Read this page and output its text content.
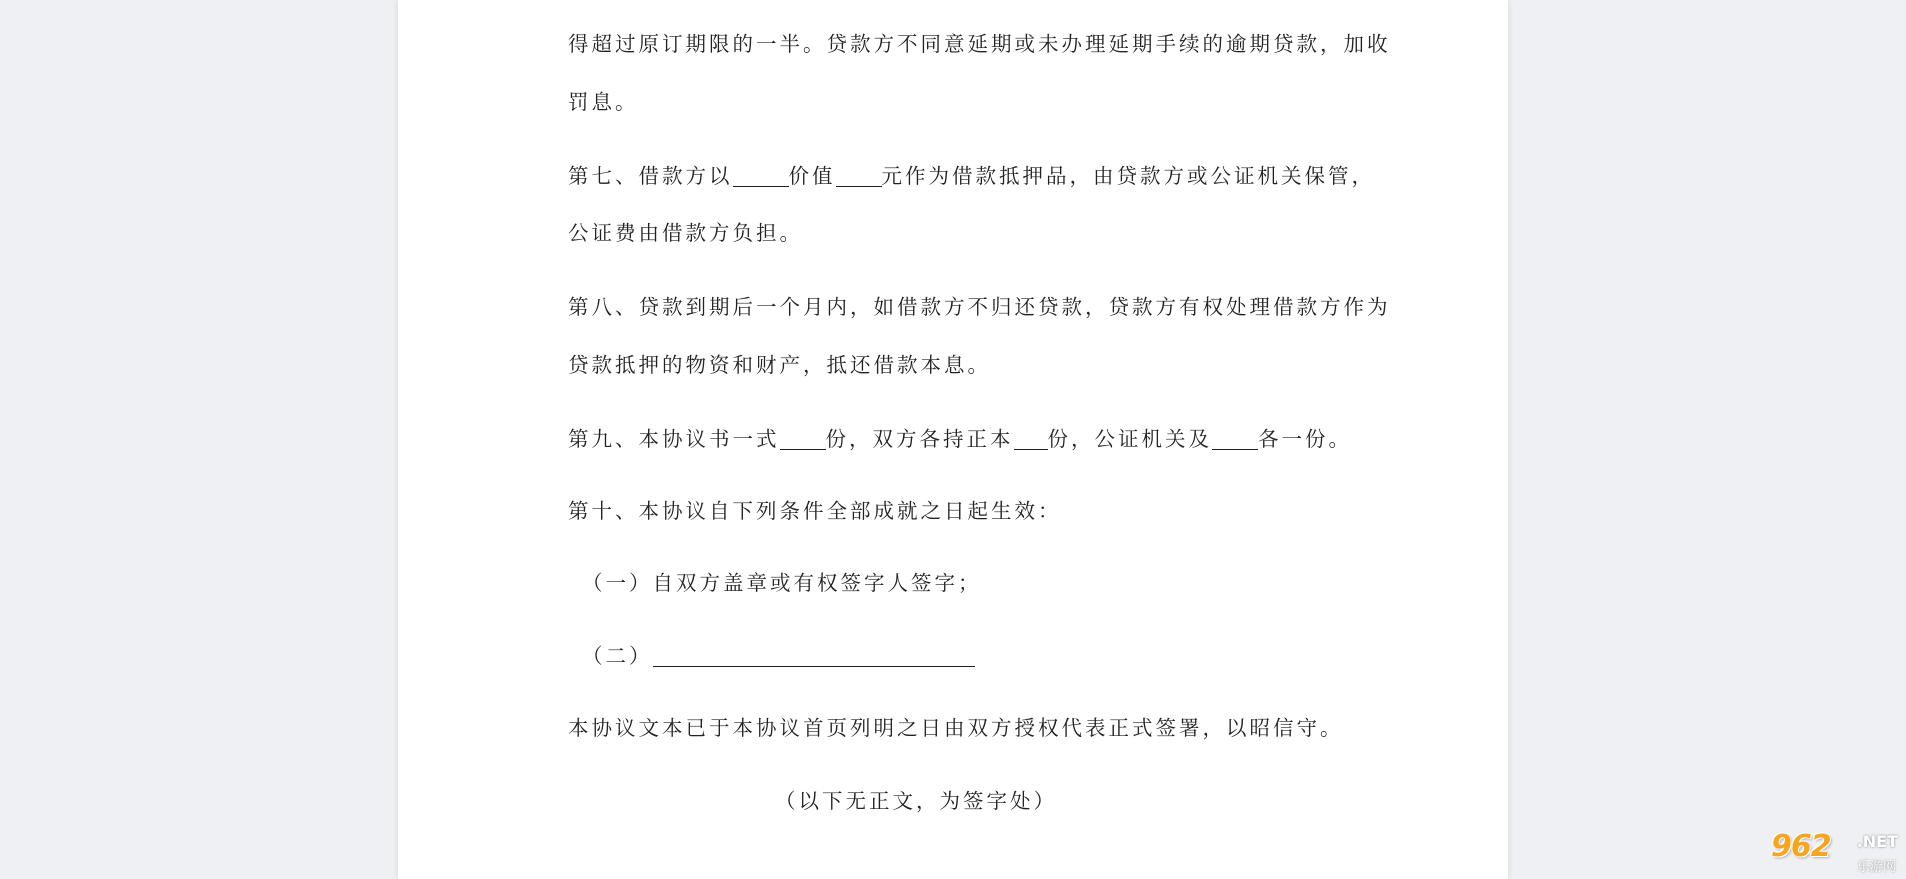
得超过原订期限的一半。贷款方不同意延期或未办理延期手续的逾期贷款，加收
罚息。
第七、借款方以	价值 元作为借款抵押品，由贷款方或公证机关保管，
公证费由借款方负担。
第八、贷款到期后一个月内，如借款方不归还贷款，贷款方有权处理借款方作为
贷款抵押的物资和财产，抵还借款本息。
第九、本协议书一式 份，双方各持正本 份，公证机关及 各一份。
第十、本协议自下列条件全部成就之日起生效：
（一）自双方盖章或有权签字人签字；
（二）
本协议文本已于本协议首页列明之日由双方授权代表正式签署，以昭信守。
（以下无正文，为签字处）
962 .NET
乐游网
